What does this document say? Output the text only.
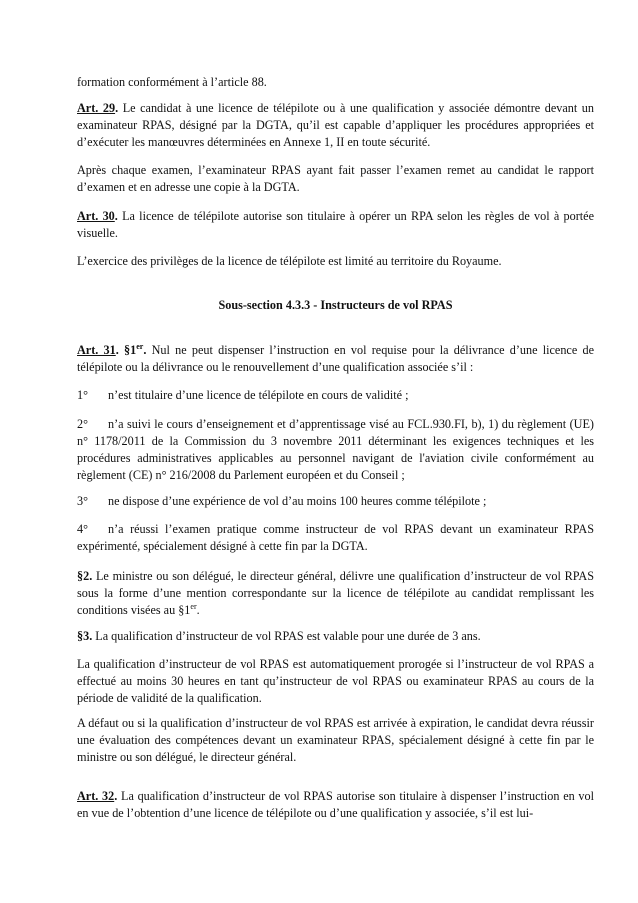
formation conformément à l’article 88.

Art. 29. Le candidat à une licence de télépilote ou à une qualification y associée démontre devant un examinateur RPAS, désigné par la DGTA, qu’il est capable d’appliquer les procédures appropriées et d’exécuter les manœuvres déterminées en Annexe 1, II en toute sécurité.

Après chaque examen, l’examinateur RPAS ayant fait passer l’examen remet au candidat le rapport d’examen et en adresse une copie à la DGTA.

Art. 30. La licence de télépilote autorise son titulaire à opérer un RPA selon les règles de vol à portée visuelle.

L’exercice des privilèges de la licence de télépilote est limité au territoire du Royaume.

Sous-section 4.3.3 - Instructeurs de vol RPAS

Art. 31. §1er. Nul ne peut dispenser l’instruction en vol requise pour la délivrance d’une licence de télépilote ou la délivrance ou le renouvellement d’une qualification associée s’il :

1° n’est titulaire d’une licence de télépilote en cours de validité ;

2° n’a suivi le cours d’enseignement et d’apprentissage visé au FCL.930.FI, b), 1) du règlement (UE) n° 1178/2011 de la Commission du 3 novembre 2011 déterminant les exigences techniques et les procédures administratives applicables au personnel navigant de l'aviation civile conformément au règlement (CE) n° 216/2008 du Parlement européen et du Conseil ;

3° ne dispose d’une expérience de vol d’au moins 100 heures comme télépilote ;

4° n’a réussi l’examen pratique comme instructeur de vol RPAS devant un examinateur RPAS expérimenté, spécialement désigné à cette fin par la DGTA.

§2. Le ministre ou son délégué, le directeur général, délivre une qualification d’instructeur de vol RPAS sous la forme d’une mention correspondante sur la licence de télépilote au candidat remplissant les conditions visées au §1er.

§3. La qualification d’instructeur de vol RPAS est valable pour une durée de 3 ans.

La qualification d’instructeur de vol RPAS est automatiquement prorogée si l’instructeur de vol RPAS a effectué au moins 30 heures en tant qu’instructeur de vol RPAS ou examinateur RPAS au cours de la période de validité de la qualification.

A défaut ou si la qualification d’instructeur de vol RPAS est arrivée à expiration, le candidat devra réussir une évaluation des compétences devant un examinateur RPAS, spécialement désigné à cette fin par le ministre ou son délégué, le directeur général.

Art. 32. La qualification d’instructeur de vol RPAS autorise son titulaire à dispenser l’instruction en vol en vue de l’obtention d’une licence de télépilote ou d’une qualification y associée, s’il est lui-
